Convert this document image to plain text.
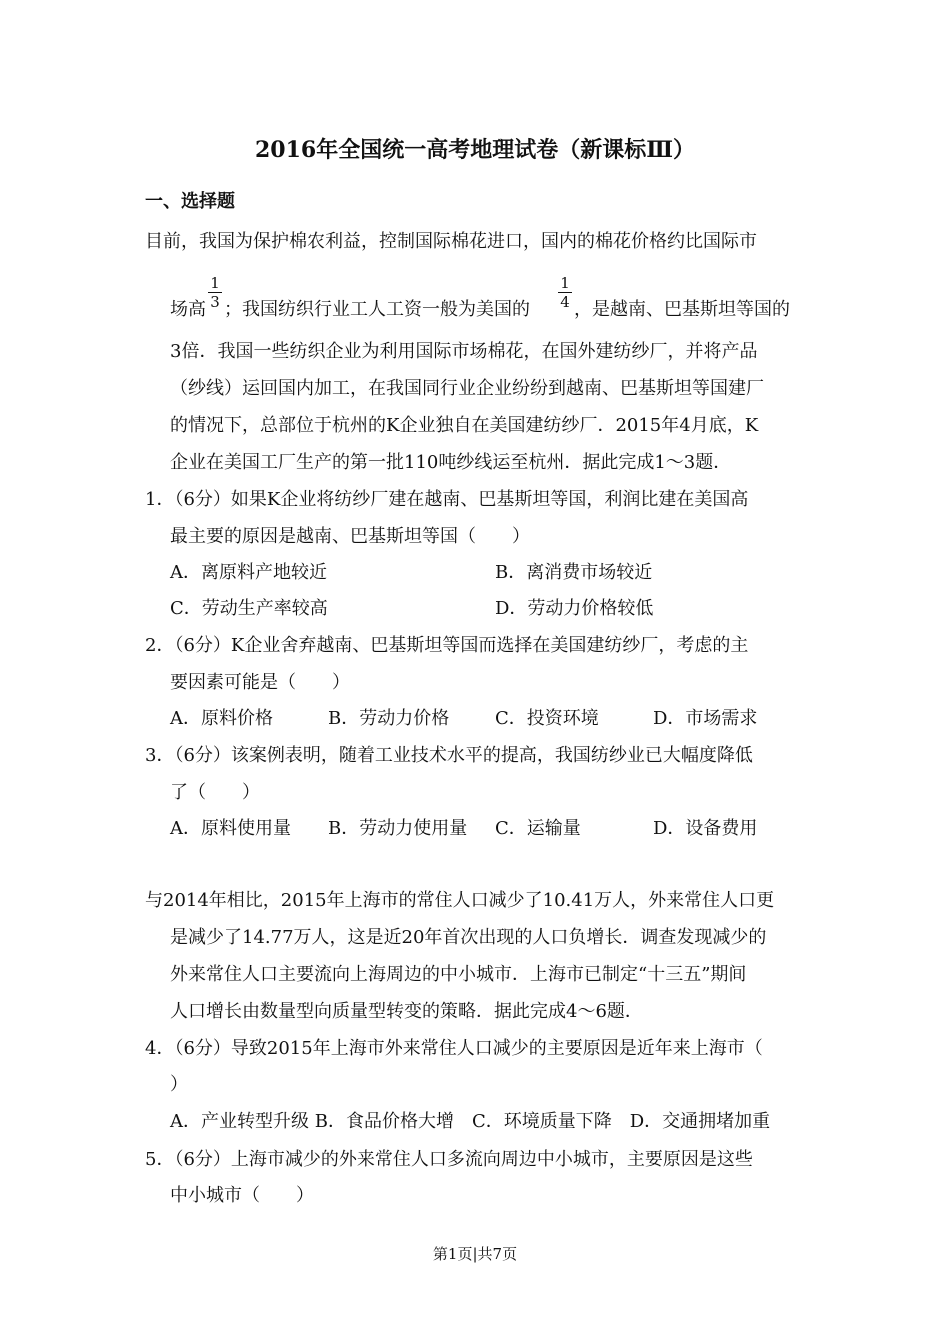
2016年全国统一高考地理试卷（新课标Ⅲ）
一、选择题
目前，我国为保护棉农利益，控制国际棉花进口，国内的棉花价格约比国际市
场高 $\frac{1}{3}$ ；我国纺织行业工人工资一般为美国的 $\frac{1}{4}$ ，是越南、巴基斯坦等国的
3倍．我国一些纺织企业为利用国际市场棉花，在国外建纺纱厂，并将产品
（纱线）运回国内加工，在我国同行业企业纷纷到越南、巴基斯坦等国建厂
的情况下，总部位于杭州的K企业独自在美国建纺纱厂．2015年4月底，K
企业在美国工厂生产的第一批110吨纱线运至杭州．据此完成1～3题．
1．（6分）如果K企业将纺纱厂建在越南、巴基斯坦等国，利润比建在美国高
最主要的原因是越南、巴基斯坦等国（　　）
A．离原料产地较近	B．离消费市场较近
C．劳动生产率较高	D．劳动力价格较低
2．（6分）K企业舍弃越南、巴基斯坦等国而选择在美国建纺纱厂，考虑的主
要因素可能是（　　）
A．原料价格	B．劳动力价格	C．投资环境	D．市场需求
3．（6分）该案例表明，随着工业技术水平的提高，我国纺纱业已大幅度降低
了（　　）
A．原料使用量 B．劳动力使用量 C．运输量	D．设备费用
与2014年相比，2015年上海市的常住人口减少了10.41万人，外来常住人口更
是减少了14.77万人，这是近20年首次出现的人口负增长．调查发现减少的
外来常住人口主要流向上海周边的中小城市．上海市已制定“十三五”期间
人口增长由数量型向质量型转变的策略．据此完成4～6题．
4．（6分）导致2015年上海市外来常住人口减少的主要原因是近年来上海市（
）
A．产业转型升级 B．食品价格大增　C．环境质量下降　D．交通拥堵加重
5．（6分）上海市减少的外来常住人口多流向周边中小城市，主要原因是这些
中小城市（　　）
第1页|共7页
